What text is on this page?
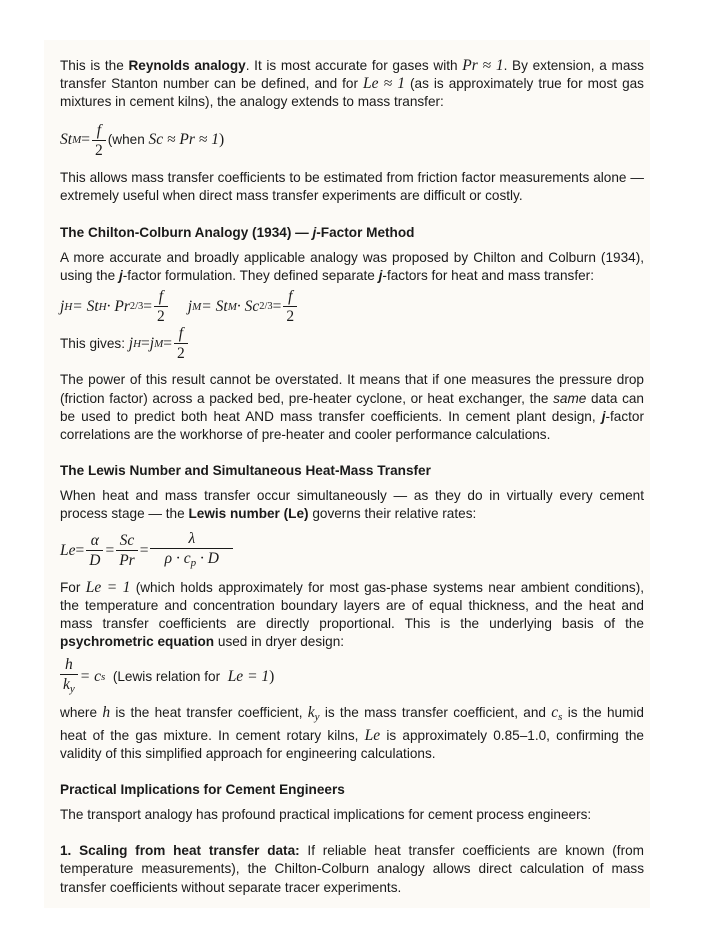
This is the Reynolds analogy. It is most accurate for gases with Pr ≈ 1. By extension, a mass transfer Stanton number can be defined, and for Le ≈ 1 (as is approximately true for most gas mixtures in cement kilns), the analogy extends to mass transfer:

St $M = \frac{f}{2}$ (when
Sc ≈ Pr ≈ 1 )

This allows mass transfer coefficients to be estimated from friction factor measurements alone — extremely useful when direct mass transfer experiments are difficult or costly.

The Chilton-Colburn Analogy (1934) — j-Factor Method

A more accurate and broadly applicable analogy was proposed by Chilton and Colburn (1934), using the j-factor formulation. They defined separate j-factors for heat and mass transfer:

j H = St H · Pr $2/3 = \frac{f}{2}$ j M = St M · Sc $2/3 = \frac{f}{2}$
This gives:
j H = j $M = \frac{f}{2}$

The power of this result cannot be overstated. It means that if one measures the pressure drop (friction factor) across a packed bed, pre-heater cyclone, or heat exchanger, the same data can be used to predict both heat AND mass transfer coefficients. In cement plant design, j-factor correlations are the workhorse of pre-heater and cooler performance calculations.

The Lewis Number and Simultaneous Heat-Mass Transfer

When heat and mass transfer occur simultaneously — as they do in virtually every cement process stage — the Lewis number (Le) governs their relative rates:

$Le = \frac{\alpha}{D} = \frac{Sc}{Pr} = \frac{\lambda}{\rho \cdot c_p \cdot D}$

For Le = 1 (which holds approximately for most gas-phase systems near ambient conditions), the temperature and concentration boundary layers are of equal thickness, and the heat and mass transfer coefficients are directly proportional. This is the underlying basis of the psychrometric equation used in dryer design:

$\frac{h}{k_y} = c$ s (Lewis relation for
Le = 1 )

where h is the heat transfer coefficient, $k_y$ is the mass transfer coefficient, and $c_s$ is the humid heat of the gas mixture. In cement rotary kilns, Le is approximately 0.85–1.0, confirming the validity of this simplified approach for engineering calculations.

Practical Implications for Cement Engineers

The transport analogy has profound practical implications for cement process engineers:

1. Scaling from heat transfer data: If reliable heat transfer coefficients are known (from temperature measurements), the Chilton-Colburn analogy allows direct calculation of mass transfer coefficients without separate tracer experiments.
